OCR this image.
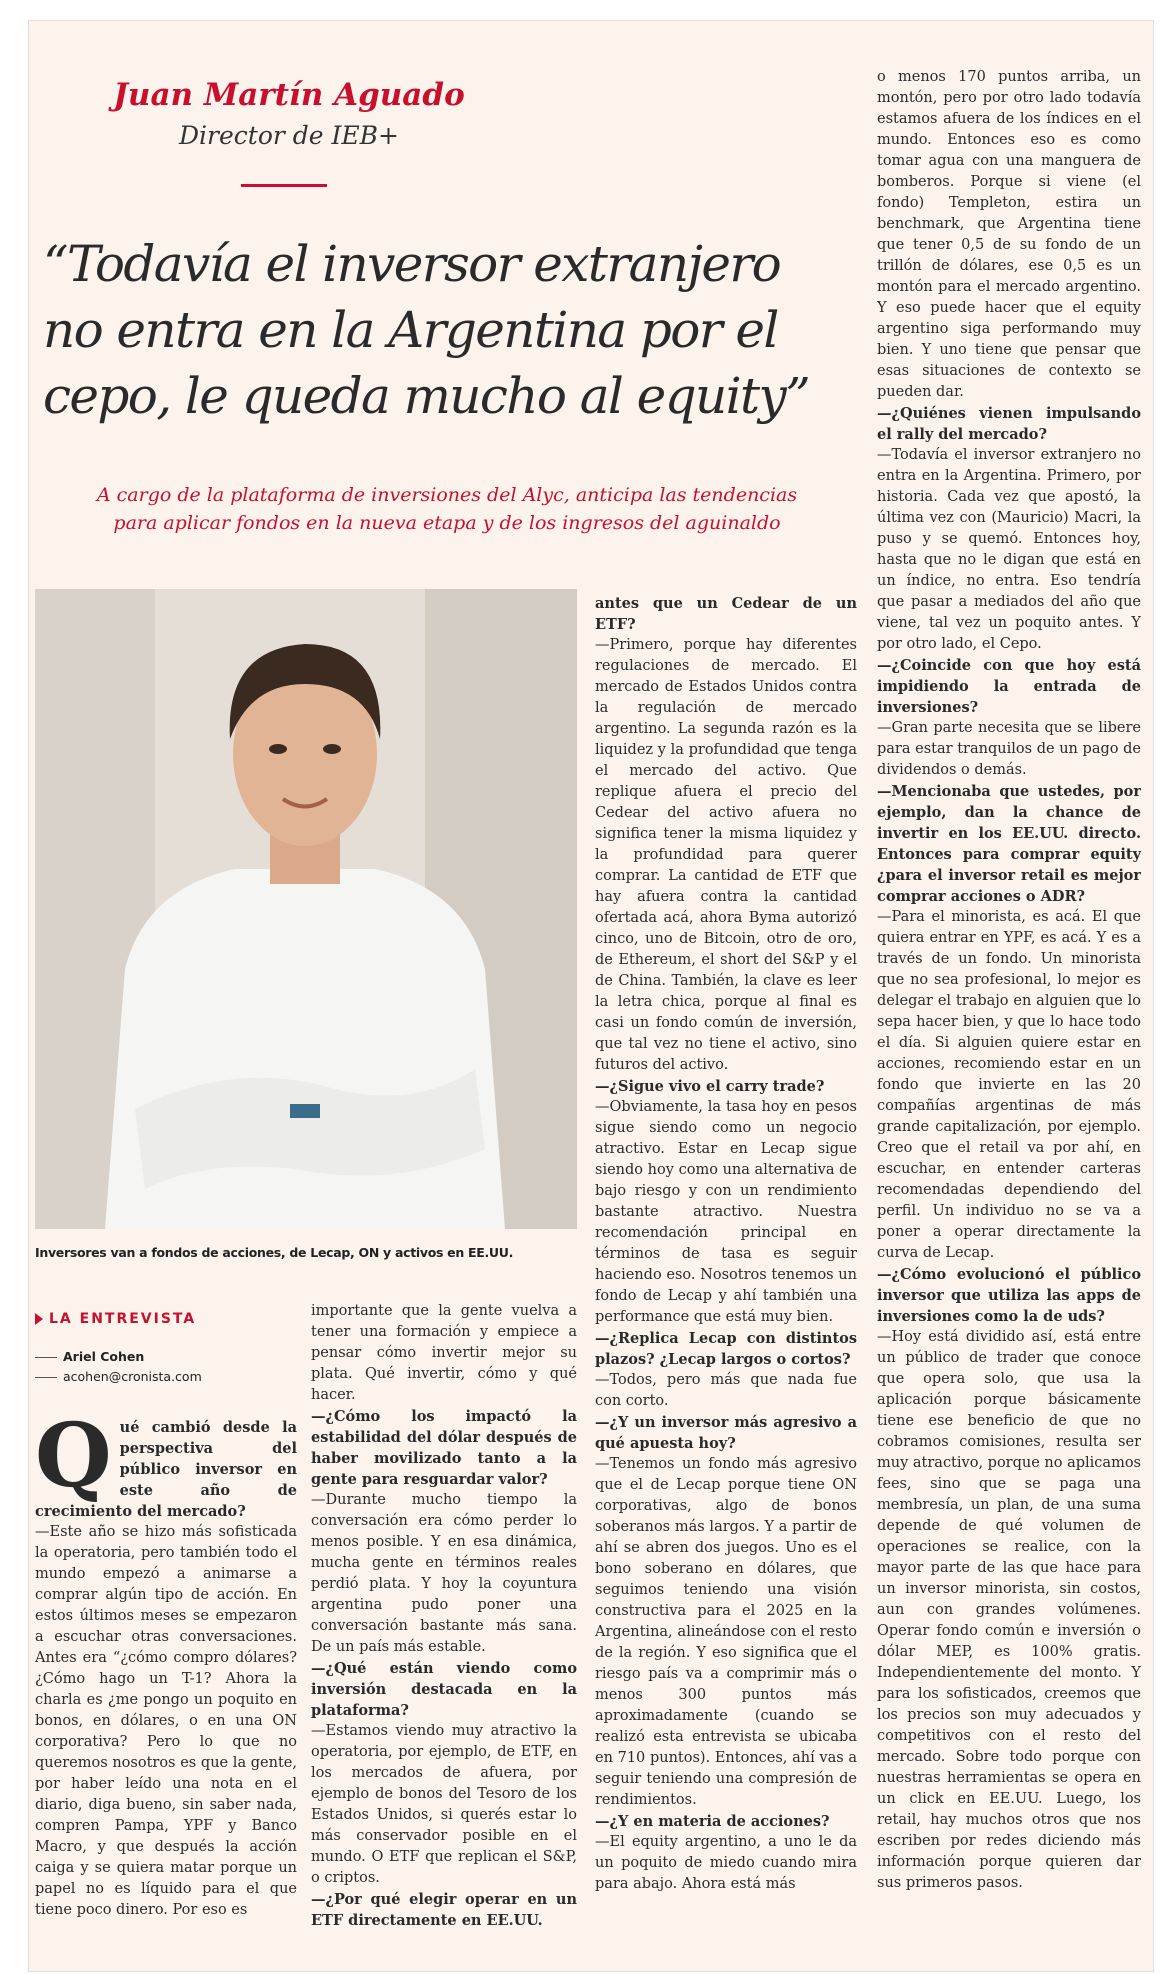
Juan Martín Aguado
Director de IEB+
“Todavía el inversor extranjero
no entra en la Argentina por el
cepo, le queda mucho al equity”
A cargo de la plataforma de inversiones del Alyc, anticipa las tendencias
para aplicar fondos en la nueva etapa y de los ingresos del aguinaldo
Inversores van a fondos de acciones, de Lecap, ON y activos en EE.UU.
LA ENTREVISTA
Ariel Cohen
acohen@cronista.com
Q ué cambió desde la perspectiva del público inversor en este año de crecimiento del mercado?

—Este año se hizo más sofisticada la operatoria, pero también todo el mundo empezó a animarse a comprar algún tipo de acción. En estos últimos meses se empezaron a escuchar otras conversaciones. Antes era “¿cómo compro dólares? ¿Cómo hago un T-1? Ahora la charla es ¿me pongo un poquito en bonos, en dólares, o en una ON corporativa? Pero lo que no queremos nosotros es que la gente, por haber leído una nota en el diario, diga bueno, sin saber nada, compren Pampa, YPF y Banco Macro, y que después la acción caiga y se quiera matar porque un papel no es líquido para el que tiene poco dinero. Por eso es

importante que la gente vuelva a tener una formación y empiece a pensar cómo invertir mejor su plata. Qué invertir, cómo y qué hacer.

—¿Cómo los impactó la estabilidad del dólar después de haber movilizado tanto a la gente para resguardar valor?

—Durante mucho tiempo la conversación era cómo perder lo menos posible. Y en esa dinámica, mucha gente en términos reales perdió plata. Y hoy la coyuntura argentina pudo poner una conversación bastante más sana. De un país más estable.

—¿Qué están viendo como inversión destacada en la plataforma?

—Estamos viendo muy atractivo la operatoria, por ejemplo, de ETF, en los mercados de afuera, por ejemplo de bonos del Tesoro de los Estados Unidos, si querés estar lo más conservador posible en el mundo. O ETF que replican el S&P, o criptos.

—¿Por qué elegir operar en un ETF directamente en EE.UU.

antes que un Cedear de un ETF?

—Primero, porque hay diferentes regulaciones de mercado. El mercado de Estados Unidos contra la regulación de mercado argentino. La segunda razón es la liquidez y la profundidad que tenga el mercado del activo. Que replique afuera el precio del Cedear del activo afuera no significa tener la misma liquidez y la profundidad para querer comprar. La cantidad de ETF que hay afuera contra la cantidad ofertada acá, ahora Byma autorizó cinco, uno de Bitcoin, otro de oro, de Ethereum, el short del S&P y el de China. También, la clave es leer la letra chica, porque al final es casi un fondo común de inversión, que tal vez no tiene el activo, sino futuros del activo.

—¿Sigue vivo el carry trade?

—Obviamente, la tasa hoy en pesos sigue siendo como un negocio atractivo. Estar en Lecap sigue siendo hoy como una alternativa de bajo riesgo y con un rendimiento bastante atractivo. Nuestra recomendación principal en términos de tasa es seguir haciendo eso. Nosotros tenemos un fondo de Lecap y ahí también una performance que está muy bien.

—¿Replica Lecap con distintos plazos? ¿Lecap largos o cortos?

—Todos, pero más que nada fue con corto.

—¿Y un inversor más agresivo a qué apuesta hoy?

—Tenemos un fondo más agresivo que el de Lecap porque tiene ON corporativas, algo de bonos soberanos más largos. Y a partir de ahí se abren dos juegos. Uno es el bono soberano en dólares, que seguimos teniendo una visión constructiva para el 2025 en la Argentina, alineándose con el resto de la región. Y eso significa que el riesgo país va a comprimir más o menos 300 puntos más aproximadamente (cuando se realizó esta entrevista se ubicaba en 710 puntos). Entonces, ahí vas a seguir teniendo una compresión de rendimientos.

—¿Y en materia de acciones?

—El equity argentino, a uno le da un poquito de miedo cuando mira para abajo. Ahora está más

o menos 170 puntos arriba, un montón, pero por otro lado todavía estamos afuera de los índices en el mundo. Entonces eso es como tomar agua con una manguera de bomberos. Porque si viene (el fondo) Templeton, estira un benchmark, que Argentina tiene que tener 0,5 de su fondo de un trillón de dólares, ese 0,5 es un montón para el mercado argentino. Y eso puede hacer que el equity argentino siga performando muy bien. Y uno tiene que pensar que esas situaciones de contexto se pueden dar.

—¿Quiénes vienen impulsando el rally del mercado?

—Todavía el inversor extranjero no entra en la Argentina. Primero, por historia. Cada vez que apostó, la última vez con (Mauricio) Macri, la puso y se quemó. Entonces hoy, hasta que no le digan que está en un índice, no entra. Eso tendría que pasar a mediados del año que viene, tal vez un poquito antes. Y por otro lado, el Cepo.

—¿Coincide con que hoy está impidiendo la entrada de inversiones?

—Gran parte necesita que se libere para estar tranquilos de un pago de dividendos o demás.

—Mencionaba que ustedes, por ejemplo, dan la chance de invertir en los EE.UU. directo. Entonces para comprar equity ¿para el inversor retail es mejor comprar acciones o ADR?

—Para el minorista, es acá. El que quiera entrar en YPF, es acá. Y es a través de un fondo. Un minorista que no sea profesional, lo mejor es delegar el trabajo en alguien que lo sepa hacer bien, y que lo hace todo el día. Si alguien quiere estar en acciones, recomiendo estar en un fondo que invierte en las 20 compañías argentinas de más grande capitalización, por ejemplo. Creo que el retail va por ahí, en escuchar, en entender carteras recomendadas dependiendo del perfil. Un individuo no se va a poner a operar directamente la curva de Lecap.

—¿Cómo evolucionó el público inversor que utiliza las apps de inversiones como la de uds?

—Hoy está dividido así, está entre un público de trader que conoce que opera solo, que usa la aplicación porque básicamente tiene ese beneficio de que no cobramos comisiones, resulta ser muy atractivo, porque no aplicamos fees, sino que se paga una membresía, un plan, de una suma depende de qué volumen de operaciones se realice, con la mayor parte de las que hace para un inversor minorista, sin costos, aun con grandes volúmenes. Operar fondo común e inversión o dólar MEP, es 100% gratis. Independientemente del monto. Y para los sofisticados, creemos que los precios son muy adecuados y competitivos con el resto del mercado. Sobre todo porque con nuestras herramientas se opera en un click en EE.UU. Luego, los retail, hay muchos otros que nos escriben por redes diciendo más información porque quieren dar sus primeros pasos.
